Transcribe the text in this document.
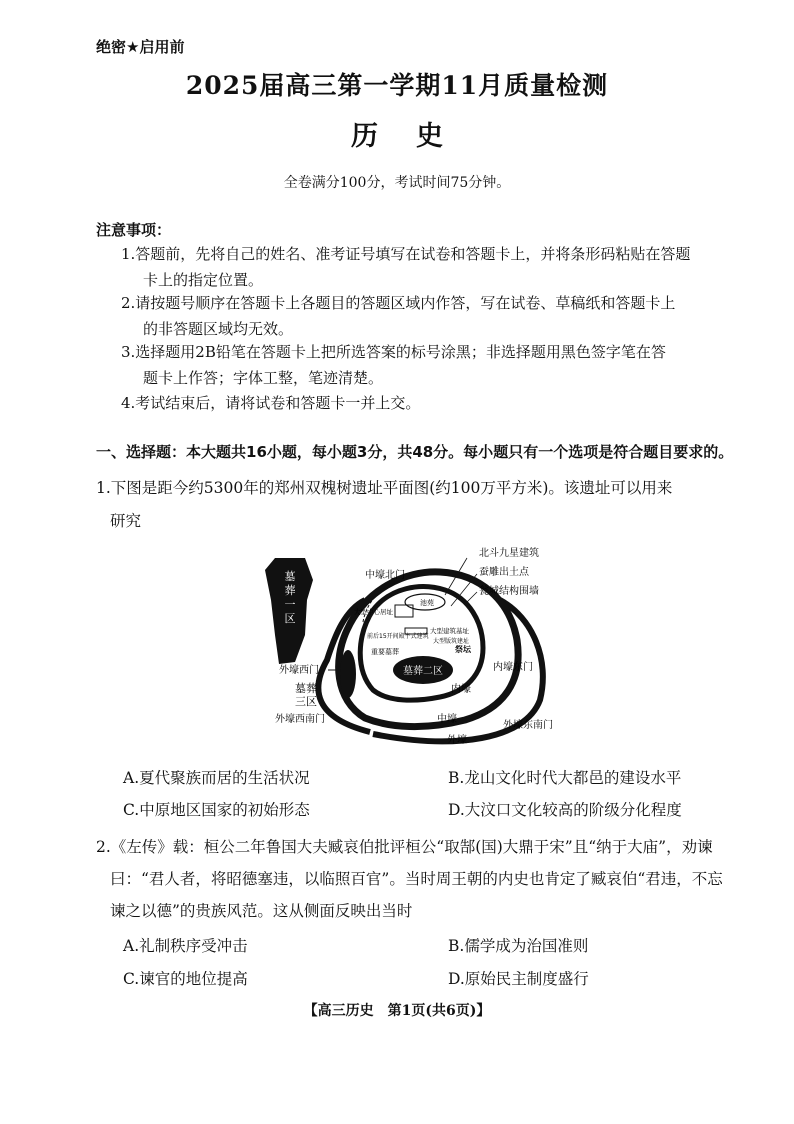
绝密★启用前
2025届高三第一学期11月质量检测
历史
全卷满分100分，考试时间75分钟。
注意事项：
1.答题前，先将自己的姓名、准考证号填写在试卷和答题卡上，并将条形码粘贴在答题
卡上的指定位置。
2.请按题号顺序在答题卡上各题目的答题区域内作答，写在试卷、草稿纸和答题卡上
的非答题区域均无效。
3.选择题用2B铅笔在答题卡上把所选答案的标号涂黑；非选择题用黑色签字笔在答
题卡上作答；字体工整，笔迹清楚。
4.考试结束后，请将试卷和答题卡一并上交。
一、选择题：本大题共16小题，每小题3分，共48分。每小题只有一个选项是符合题目要求的。
1.下图是距今约5300年的郑州双槐树遗址平面图(约100万平方米)。该遗址可以用来
研究
墓葬一区
墓葬二区
池苑
大型中心居址
大型建筑基址
大型版筑建址
祭坛
前后15开间殿宇式建筑
重要墓葬
北斗九星建筑
蚕雕出土点
瓮城结构围墙
中壕北门
外壕西门
墓葬
三区
外壕西南门
内壕东门
外壕东南门
内壕
中壕
外壕
A.夏代聚族而居的生活状况	B.龙山文化时代大都邑的建设水平
C.中原地区国家的初始形态	D.大汶口文化较高的阶级分化程度
2.《左传》载：桓公二年鲁国大夫臧哀伯批评桓公“取郜(国)大鼎于宋”且“纳于大庙”，劝谏
曰：“君人者，将昭德塞违，以临照百官”。当时周王朝的内史也肯定了臧哀伯“君违，不忘
谏之以德”的贵族风范。这从侧面反映出当时
A.礼制秩序受冲击	B.儒学成为治国准则
C.谏官的地位提高	D.原始民主制度盛行
【高三历史　第1页(共6页)】
